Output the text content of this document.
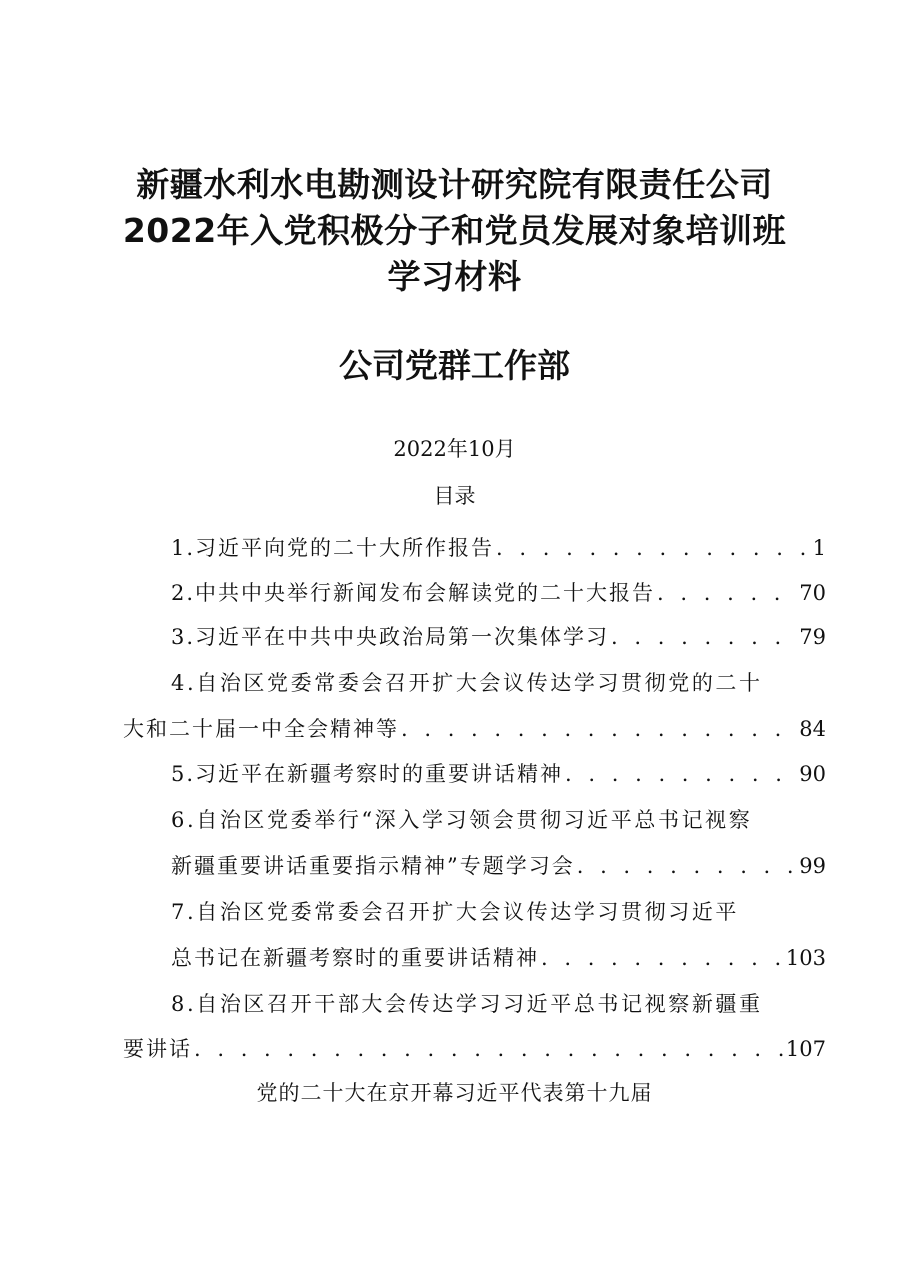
新疆水利水电勘测设计研究院有限责任公司
2022年入党积极分子和党员发展对象培训班
学习材料
公司党群工作部
2022年10月
目录
1.习近平向党的二十大所作报告 . . .	1
2.中共中央举行新闻发布会解读党的二十大报告 . . .	70
3.习近平在中共中央政治局第一次集体学习 . . .	79
4.自治区党委常委会召开扩大会议传达学习贯彻党的二十
大和二十届一中全会精神等 . . .	84
5.习近平在新疆考察时的重要讲话精神 . . .	90
6.自治区党委举行“深入学习领会贯彻习近平总书记视察
新疆重要讲话重要指示精神”专题学习会 . . .	99
7.自治区党委常委会召开扩大会议传达学习贯彻习近平
总书记在新疆考察时的重要讲话精神 . . .	103
8.自治区召开干部大会传达学习习近平总书记视察新疆重
要讲话 . . .	107
党的二十大在京开幕习近平代表第十九届
